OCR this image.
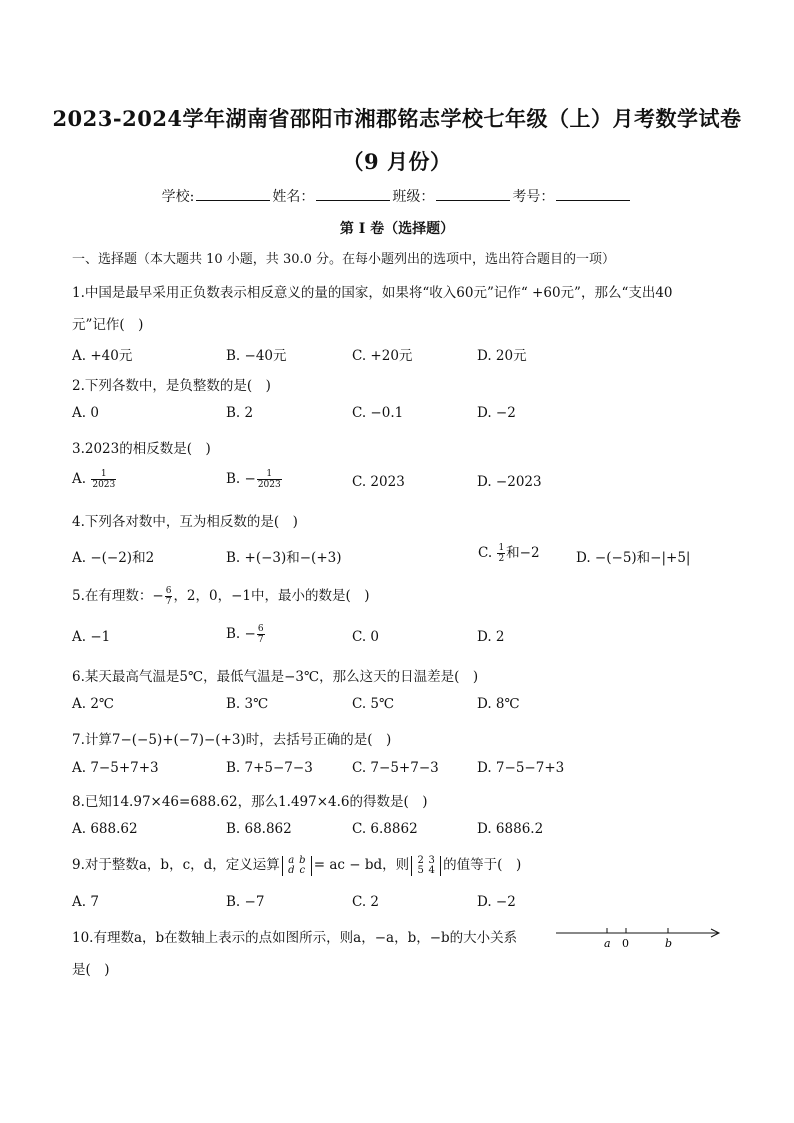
2023-2024学年湖南省邵阳市湘郡铭志学校七年级（上）月考数学试卷
（9 月份）
学校:	姓名：	班级：	考号：
第 I 卷（选择题）
一、选择题（本大题共 10 小题，共 30.0 分。在每小题列出的选项中，选出符合题目的一项）
1.中国是最早采用正负数表示相反意义的量的国家，如果将“收入60元”记作“ +60元”，那么“支出40
元”记作(　)
A. +40元	B. −40元	C. +20元	D. 20元
2.下列各数中，是负整数的是(　)
A. 0	B. 2	C. −0.1	D. −2
3.2023的相反数是(　)
A. $\frac{1}{2023}$	B. − $\frac{1}{2023}$	C. 2023	D. −2023
4.下列各对数中，互为相反数的是(　)
A. −(−2)和2	B. +(−3)和−(+3)	C. $\frac{1}{2}$ 和−2	D. −(−5)和−|+5|
5.在有理数：− $\frac{6}{7}$ ，2，0，−1中，最小的数是(　)
A. −1	B. − $\frac{6}{7}$	C. 0	D. 2
6.某天最高气温是5℃，最低气温是−3℃，那么这天的日温差是(　)
A. 2℃	B. 3℃	C. 5℃	D. 8℃
7.计算7−(−5)+(−7)−(+3)时，去括号正确的是(　)
A. 7−5+7+3	B. 7+5−7−3	C. 7−5+7−3	D. 7−5−7+3
8.已知14.97×46=688.62，那么1.497×4.6的得数是(　)
A. 688.62	B. 68.862	C. 6.8862	D. 6886.2
9.对于整数a，b，c，d，定义运算 a b
d c = ac − bd，则 2 3
5 4 的值等于(　)
A. 7	B. −7	C. 2	D. −2
10.有理数a，b在数轴上表示的点如图所示，则a，−a，b，−b的大小关系
是(　)
a 0	b
